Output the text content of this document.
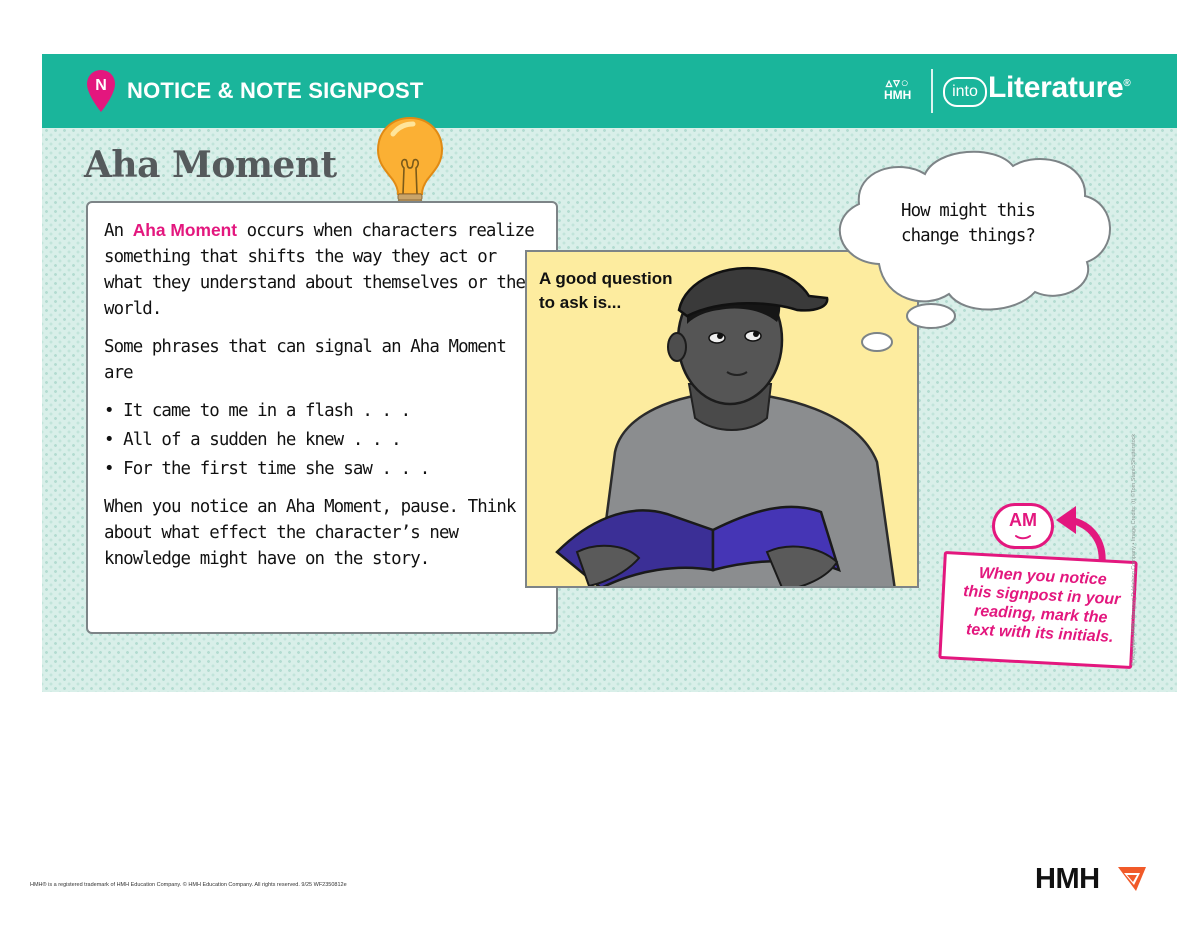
N NOTICE & NOTE SIGNPOST	▵▿○
HMH	into Literature®
Aha Moment

An Aha Moment occurs when characters realize something that shifts the way they act or what they understand about themselves or the world.

Some phrases that can signal an Aha Moment are

• It came to me in a flash . . .
• All of a sudden he knew . . .
• For the first time she saw . . .

When you notice an Aha Moment, pause. Think about what effect the character’s new knowledge might have on the story.

A good question
to ask is...
How might this
change things?
AM
When you notice
this signpost in your
reading, mark the
text with its initials.	© Houghton Mifflin Harcourt Publishing Company • Image Credits: (t) ©Tom Stanic/Shutterstock
HMH® is a registered trademark of HMH Education Company. © HMH Education Company. All rights reserved. 9/25 WF2350812e	HMH
